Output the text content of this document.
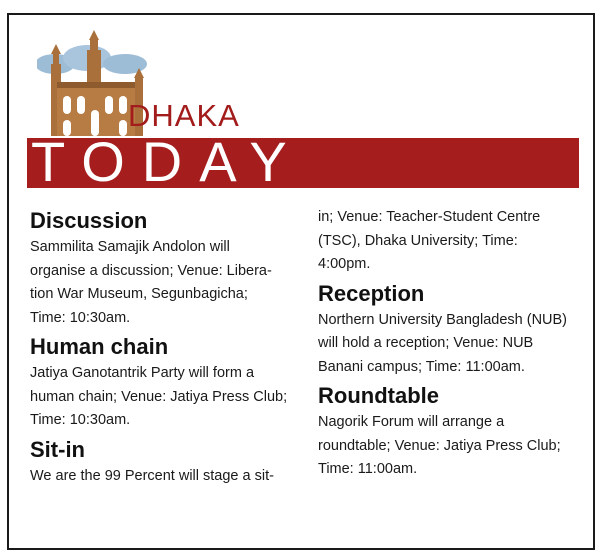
DHAKA
TODAY
Discussion

Sammilita Samajik Andolon will
organise a discussion; Venue: Libera-
tion War Museum, Segunbagicha;
Time: 10:30am.

Human chain

Jatiya Ganotantrik Party will form a
human chain; Venue: Jatiya Press Club;
Time: 10:30am.

Sit-in

We are the 99 Percent will stage a sit-

in; Venue: Teacher-Student Centre
(TSC), Dhaka University; Time:
4:00pm.

Reception

Northern University Bangladesh (NUB)
will hold a reception; Venue: NUB
Banani campus; Time: 11:00am.

Roundtable

Nagorik Forum will arrange a
roundtable; Venue: Jatiya Press Club;
Time: 11:00am.
